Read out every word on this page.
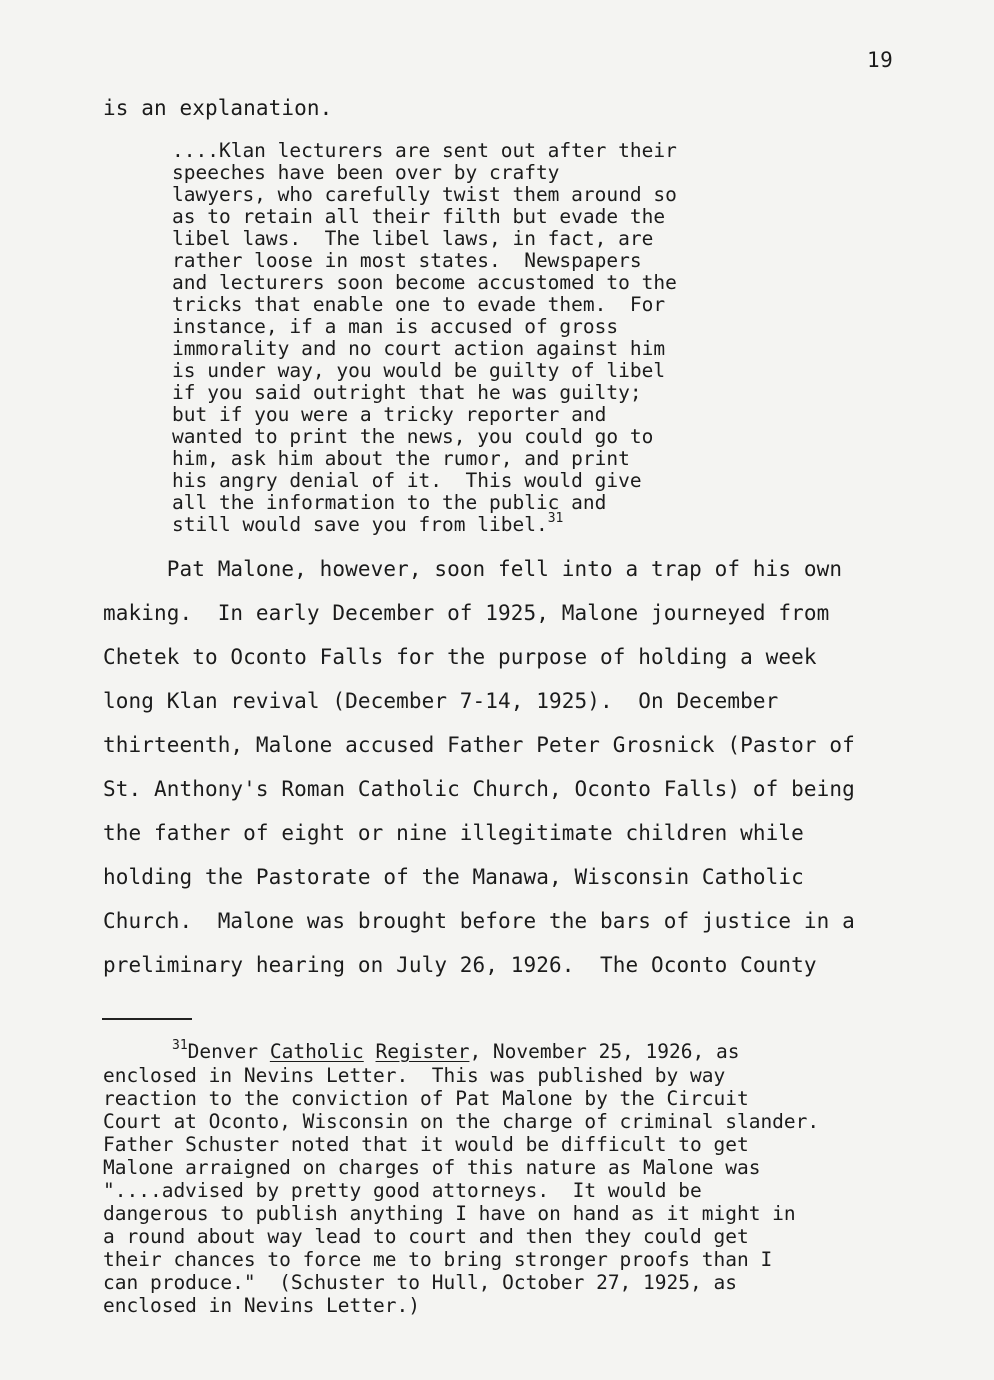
19
is an explanation.
....Klan lecturers are sent out after their
speeches have been over by crafty
lawyers, who carefully twist them around so
as to retain all their filth but evade the
libel laws.  The libel laws, in fact, are
rather loose in most states.  Newspapers
and lecturers soon become accustomed to the
tricks that enable one to evade them.  For
instance, if a man is accused of gross
immorality and no court action against him
is under way, you would be guilty of libel
if you said outright that he was guilty;
but if you were a tricky reporter and
wanted to print the news, you could go to
him, ask him about the rumor, and print
his angry denial of it.  This would give
all the information to the public and
still would save you from libel.$^{31}$
Pat Malone, however, soon fell into a trap of his own
making.  In early December of 1925, Malone journeyed from
Chetek to Oconto Falls for the purpose of holding a week
long Klan revival (December 7-14, 1925).  On December
thirteenth, Malone accused Father Peter Grosnick (Pastor of
St. Anthony's Roman Catholic Church, Oconto Falls) of being
the father of eight or nine illegitimate children while
holding the Pastorate of the Manawa, Wisconsin Catholic
Church.  Malone was brought before the bars of justice in a
preliminary hearing on July 26, 1926.  The Oconto County
$^{31}$Denver Catholic Register, November 25, 1926, as
enclosed in Nevins Letter.  This was published by way
reaction to the conviction of Pat Malone by the Circuit
Court at Oconto, Wisconsin on the charge of criminal slander.
Father Schuster noted that it would be difficult to get
Malone arraigned on charges of this nature as Malone was
"....advised by pretty good attorneys.  It would be
dangerous to publish anything I have on hand as it might in
a round about way lead to court and then they could get
their chances to force me to bring stronger proofs than I
can produce."  (Schuster to Hull, October 27, 1925, as
enclosed in Nevins Letter.)
